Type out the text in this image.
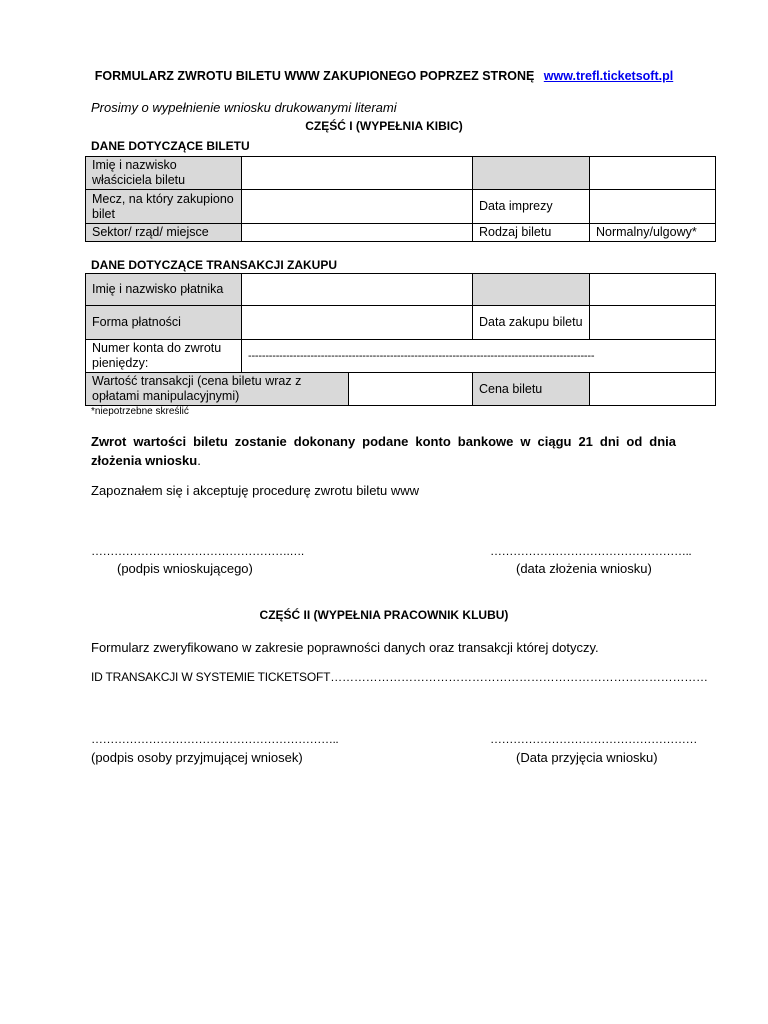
FORMULARZ ZWROTU BILETU WWW ZAKUPIONEGO POPRZEZ STRONĘ www.trefl.ticketsoft.pl
Prosimy o wypełnienie wniosku drukowanymi literami
CZĘŚĆ I (WYPEŁNIA KIBIC)
DANE DOTYCZĄCE BILETU
Imię i nazwisko właściciela biletu			
Mecz, na który zakupiono bilet		Data imprezy	
Sektor/ rząd/ miejsce		Rodzaj biletu	Normalny/ulgowy*
DANE DOTYCZĄCE TRANSAKCJI ZAKUPU
Imię i nazwisko płatnika				
Forma płatności			Data zakupu biletu	
Numer konta do zwrotu pieniędzy:	----------------------------------------------------------------------------------------------------			
Wartość transakcji (cena biletu wraz z opłatami manipulacyjnymi)			Cena biletu	
*niepotrzebne skreślić
Zwrot wartości biletu zostanie dokonany podane konto bankowe w ciągu 21 dni od dnia złożenia wniosku.
Zapoznałem się i akceptuję procedurę zwrotu biletu www
…………………………………………….….
(podpis wnioskującego)
……………………………………………..
(data złożenia wniosku)
CZĘŚĆ II (WYPEŁNIA PRACOWNIK KLUBU)
Formularz zweryfikowano w zakresie poprawności danych oraz transakcji której dotyczy.
ID TRANSAKCJI W SYSTEMIE TICKETSOFT……………………………………………………………………………………
………………………………………………………..
(podpis osoby przyjmującej wniosek)
………………………………………………
(Data przyjęcia wniosku)
